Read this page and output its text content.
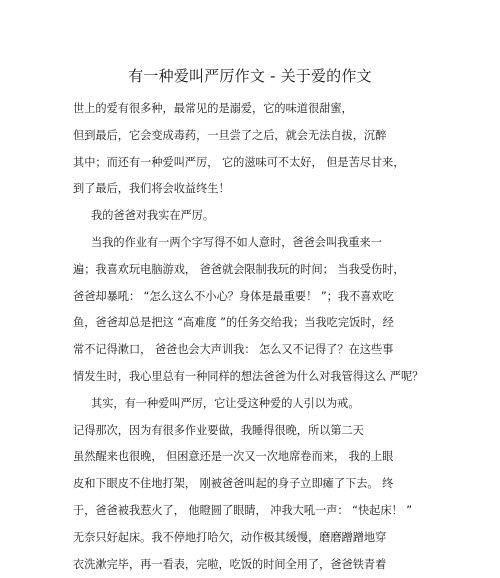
有一种爱叫严厉作文 - 关于爱的作文
世上的爱有很多种，最常见的是溺爱，它的味道很甜蜜，
但到最后，它会变成毒药，一旦尝了之后，就会无法自拔，沉醉
其中；而还有一种爱叫严厉， 它的滋味可不太好， 但是苦尽甘来，
到了最后，我们将会收益终生！
我的爸爸对我实在严厉。
当我的作业有一两个字写得不如人意时，爸爸会叫我重来一
遍；我喜欢玩电脑游戏， 爸爸就会限制我玩的时间； 当我受伤时，
爸爸却暴吼： “怎么这么不小心？身体是最重要！ ”；我不喜欢吃
鱼，爸爸却总是把这 “高难度 ”的任务交给我；当我吃完饭时，经
常不记得漱口， 爸爸也会大声训我： 怎么又不记得了？在这些事
情发生时，我心里总有一种同样的想法爸爸为什么对我管得这么 严呢？
其实，有一种爱叫严厉，它让受这种爱的人引以为戒。
记得那次，因为有很多作业要做，我睡得很晚，所以第二天
虽然醒来也很晚， 但困意还是一次又一次地席卷而来， 我的上眼
皮和下眼皮不住地打架， 刚被爸爸叫起的身子立即瘫了下去。 终
于，爸爸被我惹火了， 他瞪圆了眼睛， 冲我大吼一声： “快起床！ ”
无奈只好起床。我不停地打哈欠，动作极其缓慢，磨磨蹭蹭地穿
衣洗漱完毕，再一看表，完啦，吃饭的时间全用了，爸爸铁青着
